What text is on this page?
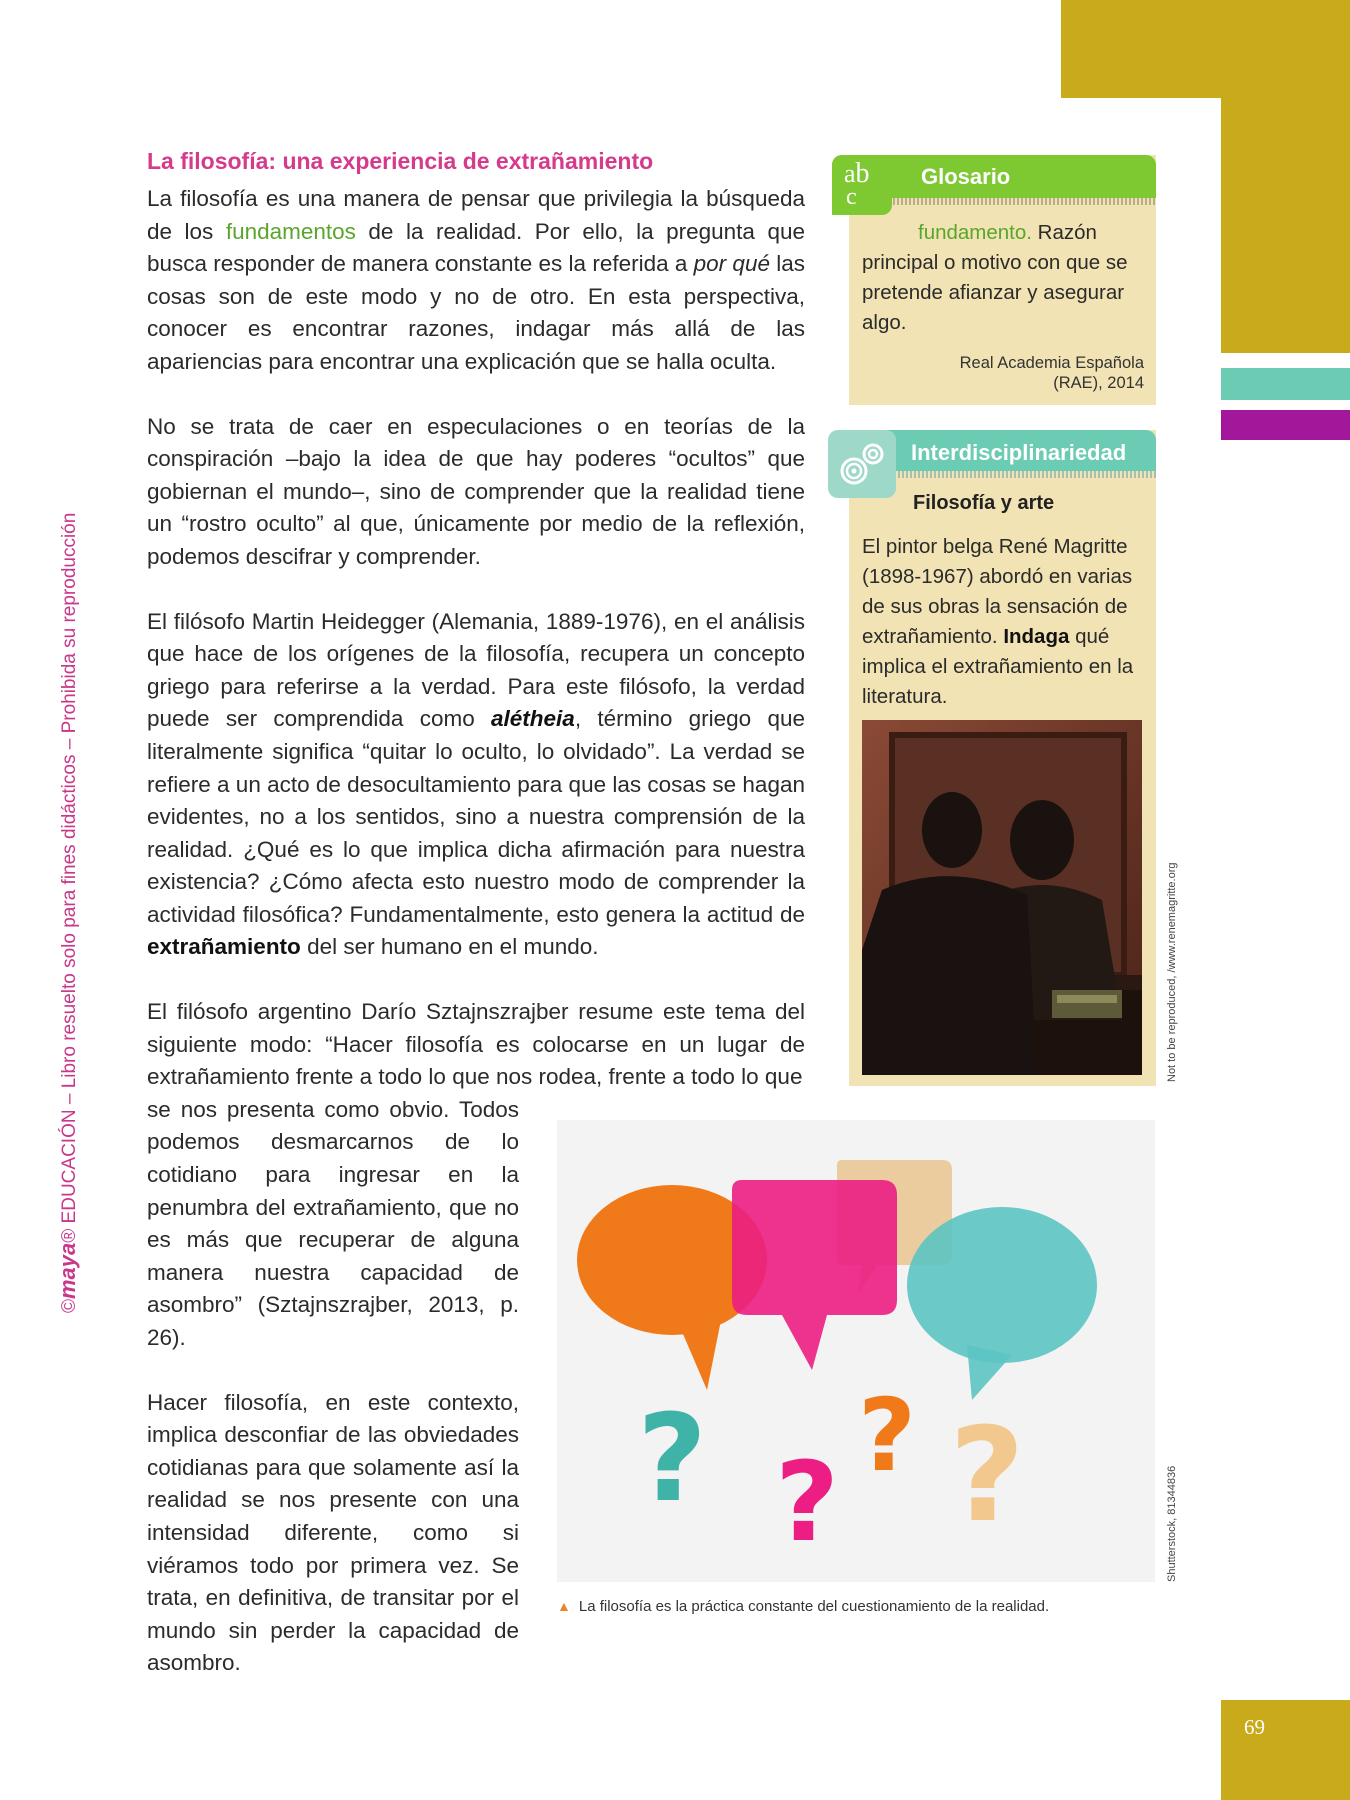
©maya® EDUCACIÓN – Libro resuelto solo para fines didácticos – Prohibida su reproducción
La filosofía: una experiencia de extrañamiento

La filosofía es una manera de pensar que privilegia la búsqueda de los fundamentos de la realidad. Por ello, la pregunta que busca responder de manera constante es la referida a por qué las cosas son de este modo y no de otro. En esta perspectiva, conocer es encontrar razones, indagar más allá de las apariencias para encontrar una explicación que se halla oculta.

No se trata de caer en especulaciones o en teorías de la conspiración –bajo la idea de que hay poderes “ocultos” que gobiernan el mundo–, sino de comprender que la realidad tiene un “rostro oculto” al que, únicamente por medio de la reflexión, podemos descifrar y comprender.

El filósofo Martin Heidegger (Alemania, 1889-1976), en el análisis que hace de los orígenes de la filosofía, recupera un concepto griego para referirse a la verdad. Para este filósofo, la verdad puede ser comprendida como alétheia, término griego que literalmente significa “quitar lo oculto, lo olvidado”. La verdad se refiere a un acto de desocultamiento para que las cosas se hagan evidentes, no a los sentidos, sino a nuestra comprensión de la realidad. ¿Qué es lo que implica dicha afirmación para nuestra existencia? ¿Cómo afecta esto nuestro modo de comprender la actividad filosófica? Fundamentalmente, esto genera la actitud de extrañamiento del ser humano en el mundo.

El filósofo argentino Darío Sztajnszrajber resume este tema del siguiente modo: “Hacer filosofía es colocarse en un lugar de extrañamiento frente a todo lo que nos rodea, frente a todo lo que

se nos presenta como obvio. Todos podemos desmarcarnos de lo cotidiano para ingresar en la penumbra del extrañamiento, que no es más que recuperar de alguna manera nuestra capacidad de asombro” (Sztajnszrajber, 2013, p. 26).

Hacer filosofía, en este contexto, implica desconfiar de las obviedades cotidianas para que solamente así la realidad se nos presente con una intensidad diferente, como si viéramos todo por primera vez. Se trata, en definitiva, de transitar por el mundo sin perder la capacidad de asombro.

ab
c
Glosario
fundamento. Razón principal o motivo con que se pretende afianzar y asegurar algo.
Real Academia Española
(RAE), 2014
Interdisciplinariedad
Filosofía y arte
El pintor belga René Magritte (1898-1967) abordó en varias de sus obras la sensación de extrañamiento. Indaga qué implica el extrañamiento en la literatura.
Not to be reproduced, /www.renemagritte.org
? ?
? ?	Shutterstock, 81344836
▲ La filosofía es la práctica constante del cuestionamiento de la realidad.
69
